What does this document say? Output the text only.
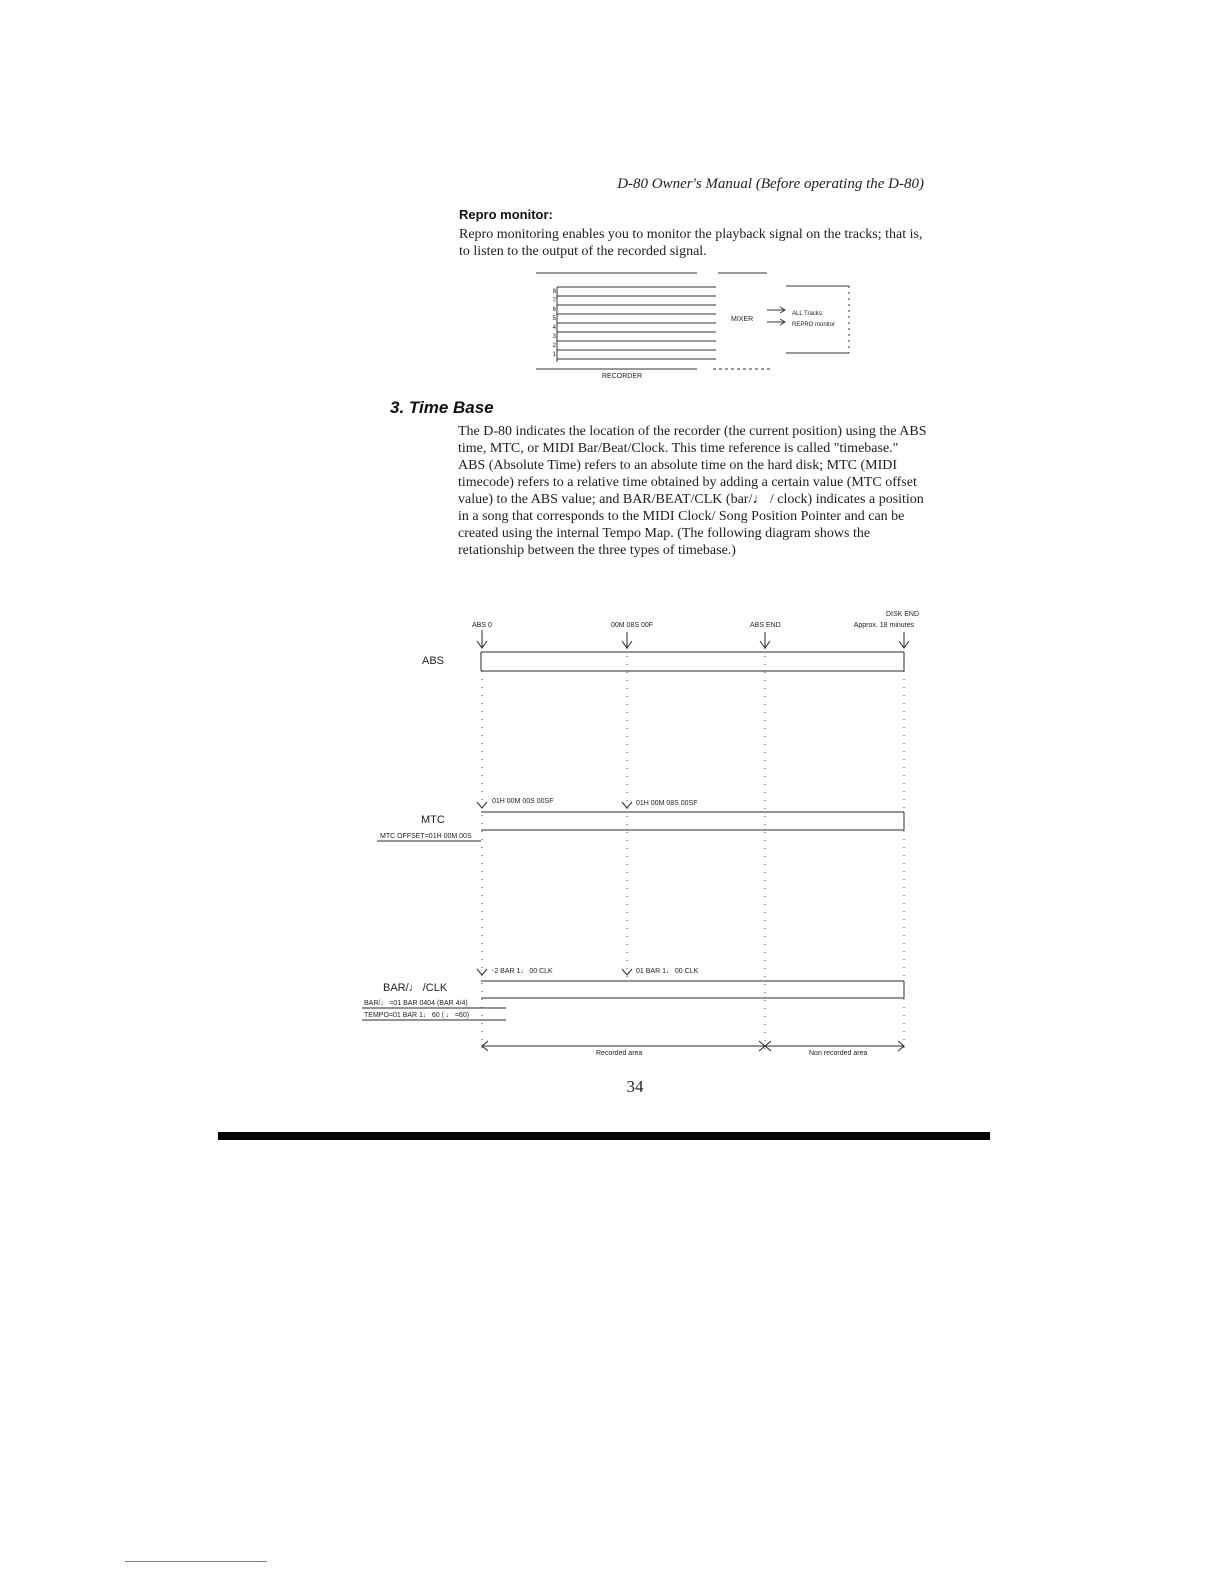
D-80 Owner's Manual (Before operating the D-80)
Repro monitor:

Repro monitoring enables you to monitor the playback signal on the tracks; that is, to listen to the output of the recorded signal.

8
7
6
5
4
3
2
1
MIXER
ALL Tracks:
REPRO monitor
RECORDER
3. Time Base

The D-80 indicates the location of the recorder (the current position) using the ABS time, MTC, or MIDI Bar/Beat/Clock. This time reference is called "timebase."

ABS (Absolute Time) refers to an absolute time on the hard disk; MTC (MIDI timecode) refers to a relative time obtained by adding a certain value (MTC offset value) to the ABS value; and BAR/BEAT/CLK (bar/♩ / clock) indicates a position in a song that corresponds to the MIDI Clock/ Song Position Pointer and can be created using the internal Tempo Map. (The following diagram shows the retationship between the three types of timebase.)

ABS 0	00M 08S 00F	ABS END
DISK END
Approx. 18 minutes
01H 00M 00S 00SF	01H 00M 08S 00SF
MTC OFFSET=01H 00M 00S
-2 BAR 1♩ 00 CLK	01 BAR 1♩ 00 CLK
BAR/♩ =01 BAR 0404 (BAR 4/4)
TEMPO=01 BAR 1♩ 60 ( ♩ =60)
Recorded area	Non recorded area
ABS
MTC
BAR/♩ /CLK
34
